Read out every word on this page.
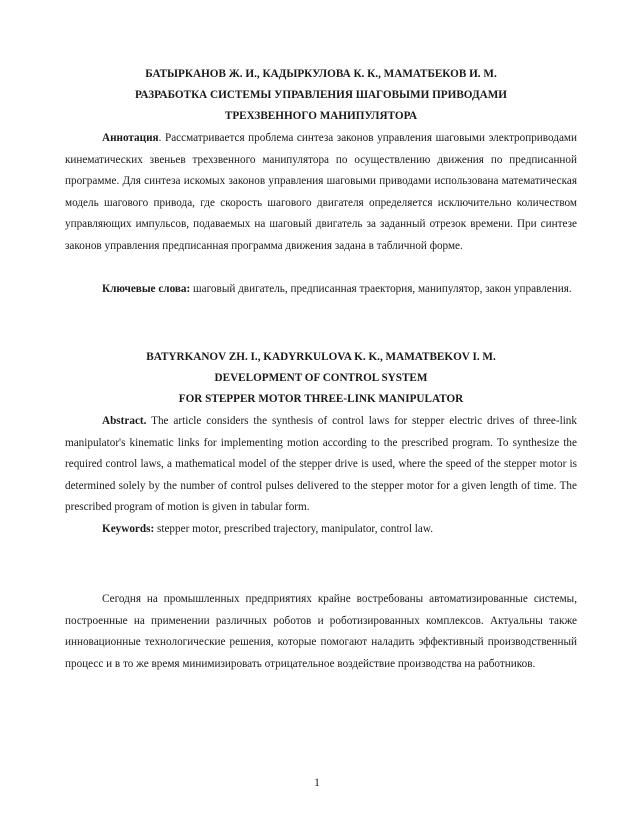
БАТЫРКАНОВ Ж. И., КАДЫРКУЛОВА К. К., МАМАТБЕКОВ И. М.
РАЗРАБОТКА СИСТЕМЫ УПРАВЛЕНИЯ ШАГОВЫМИ ПРИВОДАМИ
ТРЕХЗВЕННОГО МАНИПУЛЯТОРА

Аннотация. Рассматривается проблема синтеза законов управления шаговыми электроприводами кинематических звеньев трехзвенного манипулятора по осуществлению движения по предписанной программе. Для синтеза искомых законов управления шаговыми приводами использована математическая модель шагового привода, где скорость шагового двигателя определяется исключительно количеством управляющих импульсов, подаваемых на шаговый двигатель за заданный отрезок времени. При синтезе законов управления предписанная программа движения задана в табличной форме.

Ключевые слова: шаговый двигатель, предписанная траектория, манипулятор, закон управления.

BATYRKANOV ZH. I., KADYRKULOVA K. K., MAMATBEKOV I. M.
DEVELOPMENT OF CONTROL SYSTEM
FOR STEPPER MOTOR THREE-LINK MANIPULATOR

Abstract. The article considers the synthesis of control laws for stepper electric drives of three-link manipulator's kinematic links for implementing motion according to the prescribed program. To synthesize the required control laws, a mathematical model of the stepper drive is used, where the speed of the stepper motor is determined solely by the number of control pulses delivered to the stepper motor for a given length of time. The prescribed program of motion is given in tabular form.

Keywords: stepper motor, prescribed trajectory, manipulator, control law.

Сегодня на промышленных предприятиях крайне востребованы автоматизированные системы, построенные на применении различных роботов и роботизированных комплексов. Актуальны также инновационные технологические решения, которые помогают наладить эффективный производственный процесс и в то же время минимизировать отрицательное воздействие производства на работников.

1
